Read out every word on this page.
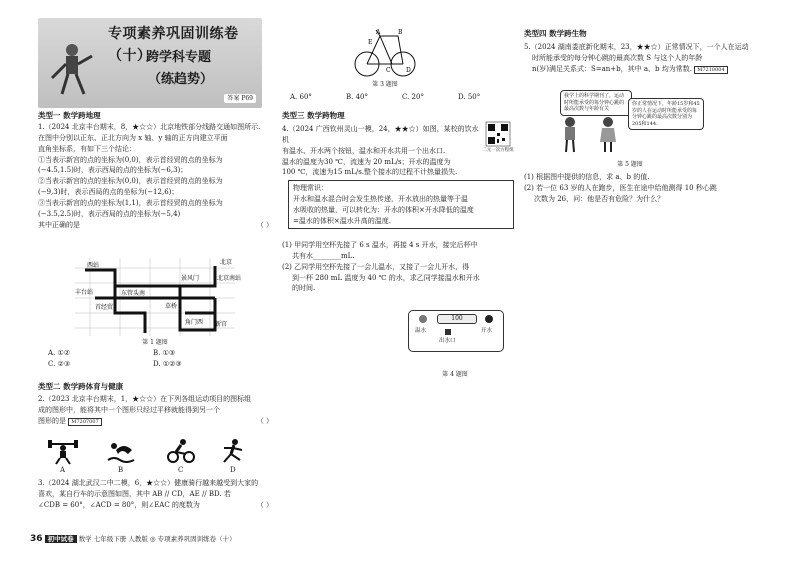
专项素养巩固训练卷（十）
跨学科专题
（练趋势）
答案 P69
类型一 数学跨地理

1.（2024 北京丰台期末，8，★☆☆）北京地铁部分线路交通如图所示.

在图中分别以正东、正北方向为 x 轴、y 轴的正方向建立平面

直角坐标系，有如下三个结论：

①当表示新宫的点的坐标为(0,0)，表示首经贸的点的坐标为

(−4.5,1.5)时，表示西局的点的坐标为(−6,3)；

②当表示新宫的点的坐标为(0,0)，表示首经贸的点的坐标为

(−9,3)时，表示西局的点的坐标为(−12,6)；

③当表示新宫的点的坐标为(1,1)，表示首经贸的点的坐标为

(−3.5,2.5)时，表示西局的点的坐标为(−5,4)

其中正确的是	（ ）

西站	北京
丰台站	东管头南
景风门	北京南站
首经贸	草桥
角门西 新宫
第 1 题图
A. ①②	B. ①③
C. ②③	D. ①②③
类型二 数学跨体育与健康

2.（2023 北京丰台期末，1，★☆☆）在下列各组运动项目的图标组

成的图形中，能将其中一个图形只经过平移就能得到另一个

图形的是 M7207007	（ ）

A	B	C	D

3.（2024 湖北武汉二中二模，6，★☆☆）健康骑行越来越受到大家的

喜欢，某自行车的示意图如图，其中 AB // CD，AE // BD. 若

∠CDB = 60°，∠ACD = 80°，则∠EAC 的度数为	（ ）

36 初中试卷 数学 七年级下册 人教版 ◎ 专项素养巩固训练卷（十）
A	B
C	D
E
第 3 题图
A. 60°	B. 40°	C. 20°	D. 50°
类型三 数学跨物理

4.（2024 广西钦州灵山一模，24，★★☆）如图，某校的饮水机

有温水、开水两个按钮，温水和开水共用一个出水口.

温水的温度为30 ℃，流速为 20 mL/s；开水的温度为

100 ℃，流速为15 mL/s.整个接水的过程不计热量损失.

二元一次方程组

物理常识：

开水和温水混合时会发生热传递，开水放出的热量等于温

水吸收的热量，可以转化为：开水的体积×开水降低的温度

=温水的体积×温水升高的温度.

(1) 甲同学用空杯先接了 6 s 温水，再接 4 s 开水，接完后杯中

共有水________mL.

(2) 乙同学用空杯先接了一会儿温水，又接了一会儿开水，得

到一杯 280 mL 温度为 40 ℃ 的水，求乙同学接温水和开水

的时间.

100
温水	开水
出水口
第 4 题图
类型四 数学跨生物

5.（2024 湖南娄底新化期末，23，★★☆）正常情况下，一个人在运动

时所能承受的每分钟心跳的最高次数 S 与这个人的年龄

n(岁)满足关系式：S=an+b，其中 a、b 均为常数. M7210004

我学上的科学期刊了，运动时所能承受的每分钟心跳的最高次数与年龄有关
你正常情况下，年龄15岁和45岁的人在运动时所能承受的每分钟心跳的最高次数分别为205和144.
第 5 题图

(1) 根据图中提供的信息，求 a、b 的值.

(2) 若一位 63 岁的人在跑步，医生在途中给他测得 10 秒心跳

次数为 26，问：他是否有危险？为什么？
